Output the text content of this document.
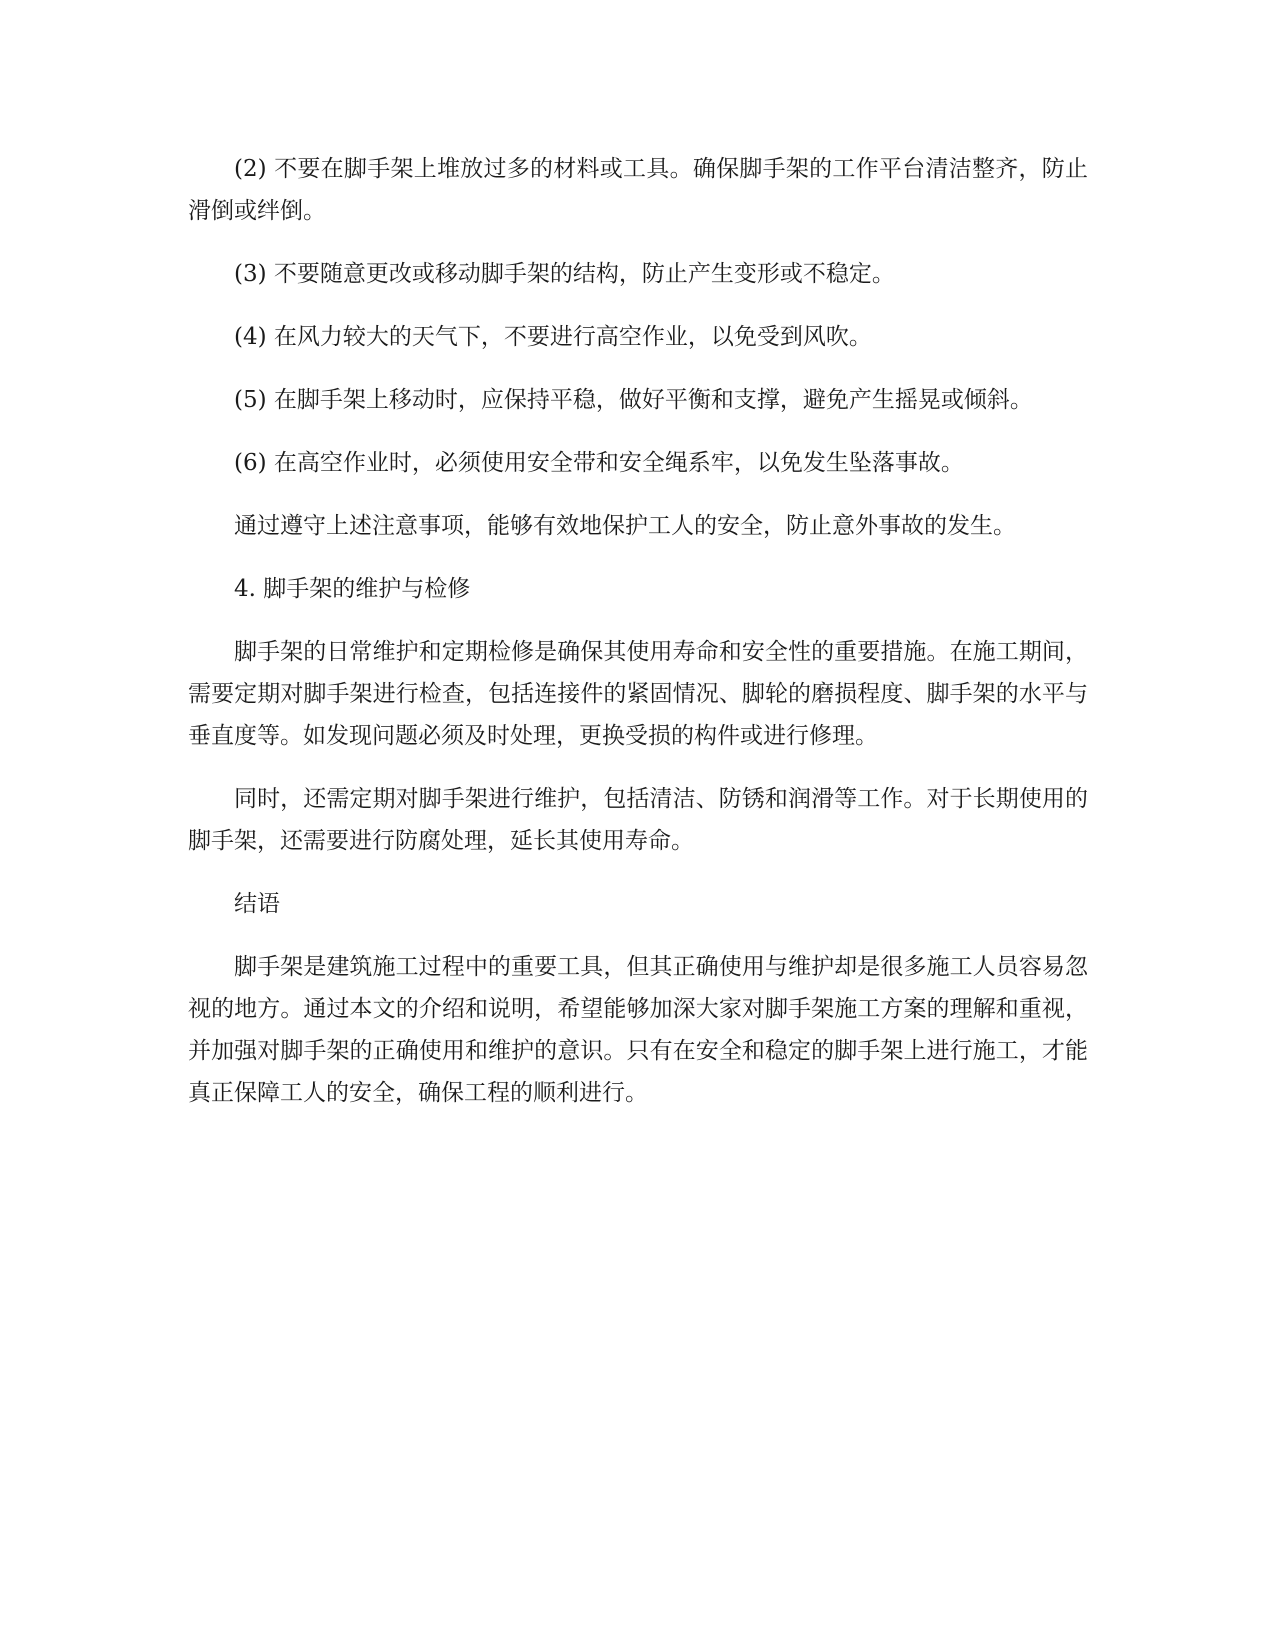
(2) 不要在脚手架上堆放过多的材料或工具。确保脚手架的工作平台清洁整齐，防止滑倒或绊倒。

(3) 不要随意更改或移动脚手架的结构，防止产生变形或不稳定。

(4) 在风力较大的天气下，不要进行高空作业，以免受到风吹。

(5) 在脚手架上移动时，应保持平稳，做好平衡和支撑，避免产生摇晃或倾斜。

(6) 在高空作业时，必须使用安全带和安全绳系牢，以免发生坠落事故。

通过遵守上述注意事项，能够有效地保护工人的安全，防止意外事故的发生。

4. 脚手架的维护与检修

脚手架的日常维护和定期检修是确保其使用寿命和安全性的重要措施。在施工期间，需要定期对脚手架进行检查，包括连接件的紧固情况、脚轮的磨损程度、脚手架的水平与垂直度等。如发现问题必须及时处理，更换受损的构件或进行修理。

同时，还需定期对脚手架进行维护，包括清洁、防锈和润滑等工作。对于长期使用的脚手架，还需要进行防腐处理，延长其使用寿命。

结语

脚手架是建筑施工过程中的重要工具，但其正确使用与维护却是很多施工人员容易忽视的地方。通过本文的介绍和说明，希望能够加深大家对脚手架施工方案的理解和重视，并加强对脚手架的正确使用和维护的意识。只有在安全和稳定的脚手架上进行施工，才能真正保障工人的安全，确保工程的顺利进行。
